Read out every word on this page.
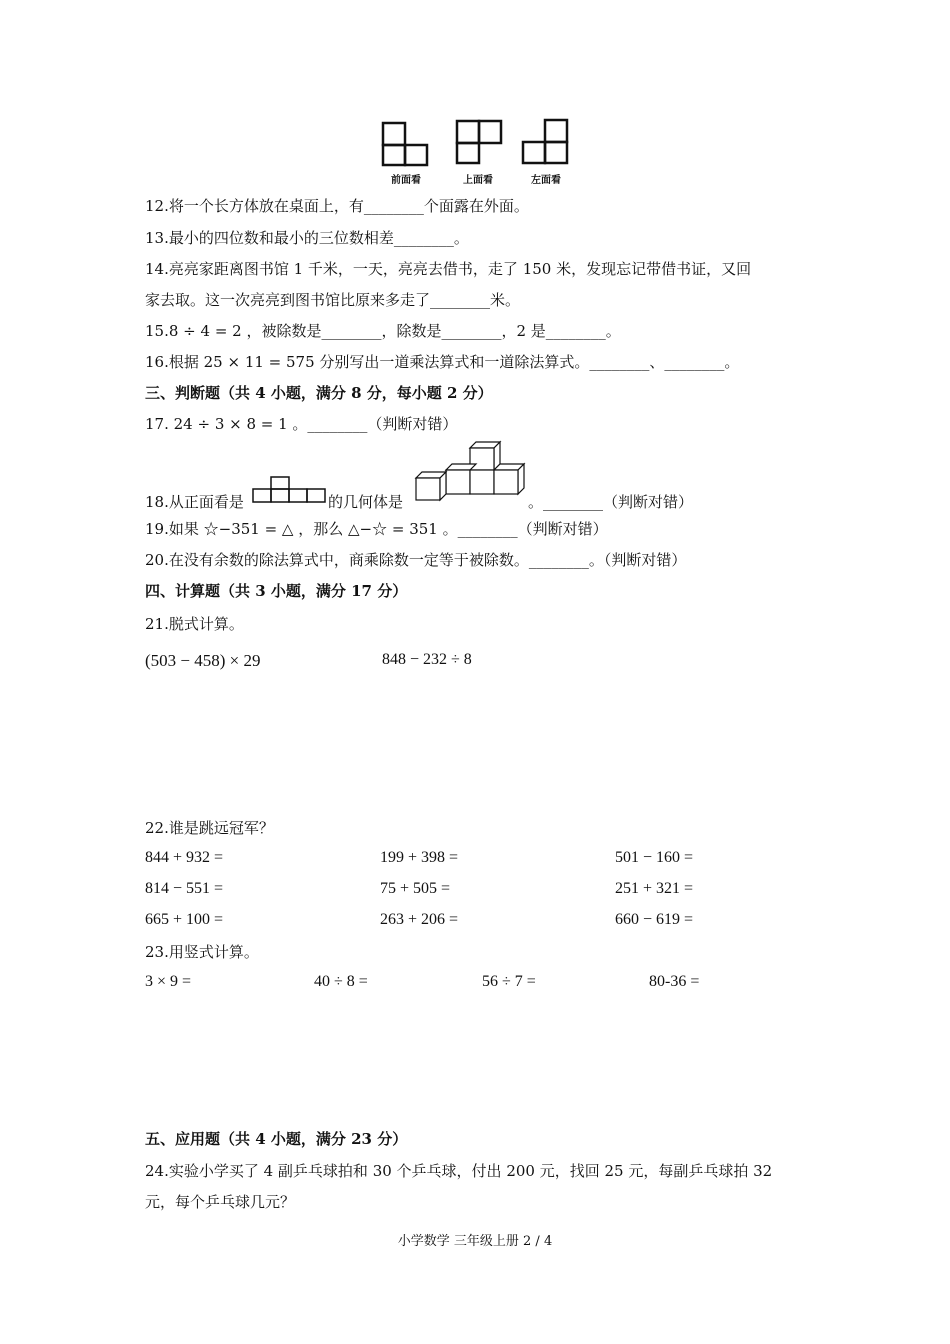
前面看	上面看	左面看
12.将一个长方体放在桌面上，有________个面露在外面。
13.最小的四位数和最小的三位数相差________。
14.亮亮家距离图书馆 1 千米，一天，亮亮去借书，走了 150 米，发现忘记带借书证，又回
家去取。这一次亮亮到图书馆比原来多走了________米。
15.8 ÷ 4 = 2 ，被除数是________，除数是________，2 是________。
16.根据 25 × 11 = 575 分别写出一道乘法算式和一道除法算式。________、________。
三、判断题（共 4 小题，满分 8 分，每小题 2 分）
17. 24 ÷ 3 × 8 = 1 。________（判断对错）
18.从正面看是	的几何体是	。________（判断对错）
19.如果 ☆−351 = △ ，那么 △−☆ = 351 。________（判断对错）
20.在没有余数的除法算式中，商乘除数一定等于被除数。________。（判断对错）
四、计算题（共 3 小题，满分 17 分）
21.脱式计算。
(503 − 458) × 29	848 − 232 ÷ 8
22.谁是跳远冠军？
844 + 932 =	199 + 398 =	501 − 160 =
814 − 551 =	75 + 505 =	251 + 321 =
665 + 100 =	263 + 206 =	660 − 619 =
23.用竖式计算。
3 × 9 =	40 ÷ 8 =	56 ÷ 7 =	80-36 =
五、应用题（共 4 小题，满分 23 分）
24.实验小学买了 4 副乒乓球拍和 30 个乒乓球，付出 200 元，找回 25 元，每副乒乓球拍 32
元，每个乒乓球几元？
小学数学 三年级上册 2 / 4
